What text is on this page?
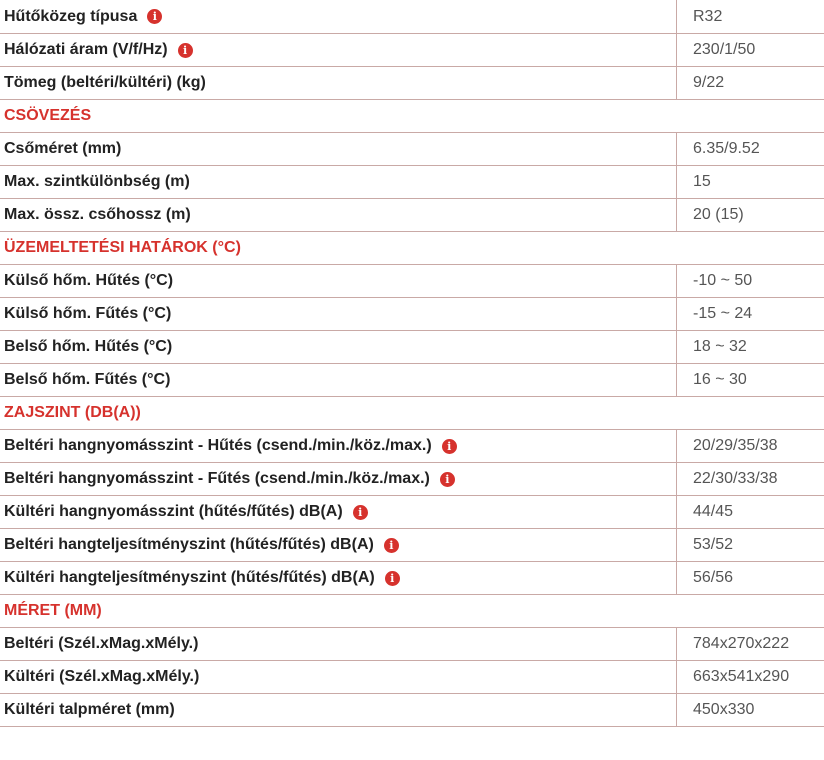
Hűtőközeg típusa	i	R32
Hálózati áram (V/f/Hz)	i	230/1/50
Tömeg (beltéri/kültéri) (kg)	9/22
CSÖVEZÉS
Csőméret (mm)	6.35/9.52
Max. szintkülönbség (m)	15
Max. össz. csőhossz (m)	20 (15)
ÜZEMELTETÉSI HATÁROK (°C)
Külső hőm. Hűtés (°C)	-10 ~ 50
Külső hőm. Fűtés (°C)	-15 ~ 24
Belső hőm. Hűtés (°C)	18 ~ 32
Belső hőm. Fűtés (°C)	16 ~ 30
ZAJSZINT (DB(A))
Beltéri hangnyomásszint - Hűtés (csend./min./köz./max.)	i	20/29/35/38
Beltéri hangnyomásszint - Fűtés (csend./min./köz./max.)	i	22/30/33/38
Kültéri hangnyomásszint (hűtés/fűtés) dB(A)	i	44/45
Beltéri hangteljesítményszint (hűtés/fűtés) dB(A)	i	53/52
Kültéri hangteljesítményszint (hűtés/fűtés) dB(A)	i	56/56
MÉRET (MM)
Beltéri (Szél.xMag.xMély.)	784x270x222
Kültéri (Szél.xMag.xMély.)	663x541x290
Kültéri talpméret (mm)	450x330
